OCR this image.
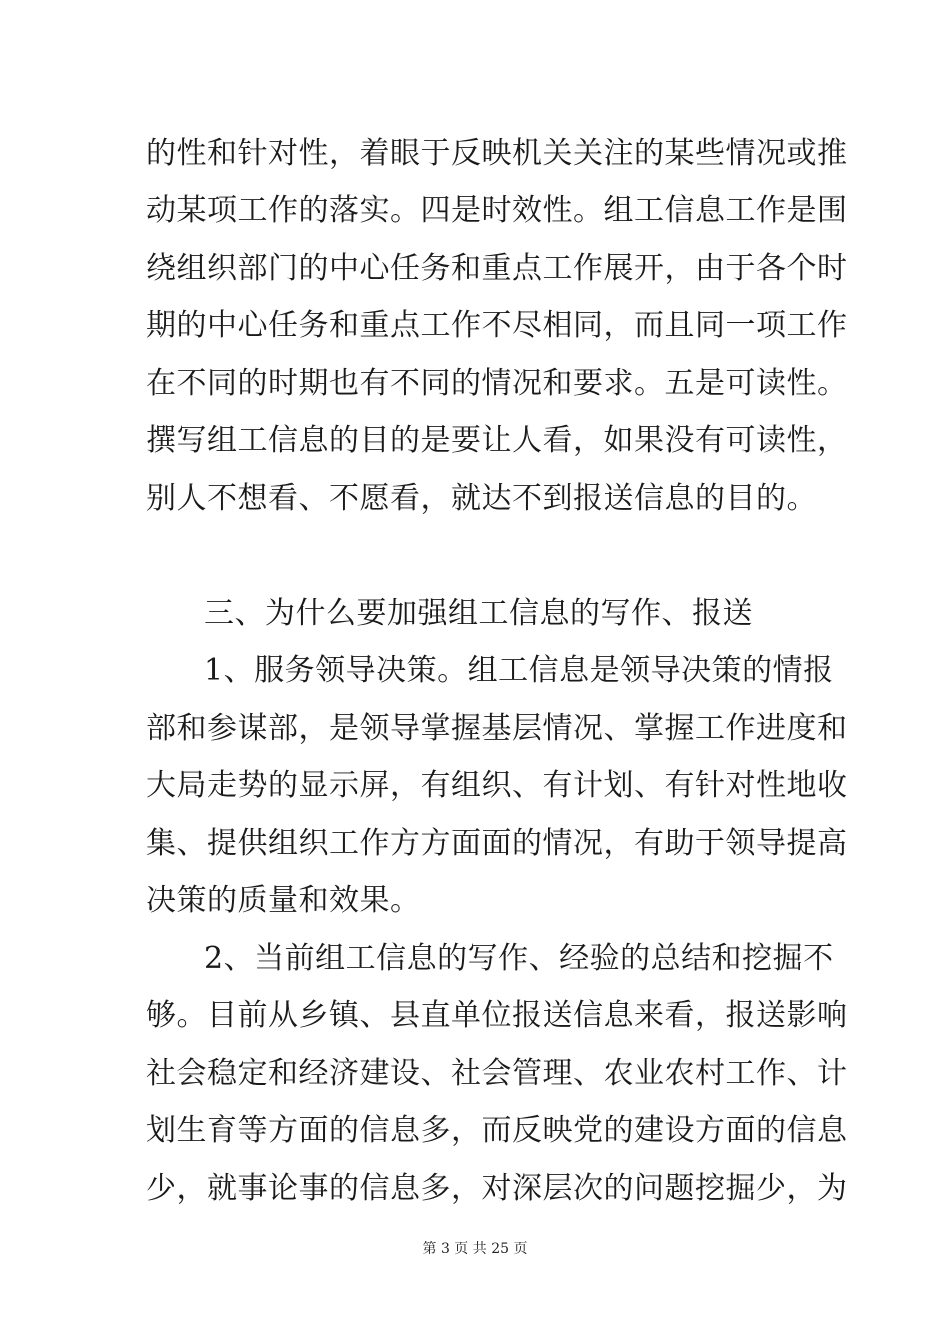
的性和针对性，着眼于反映机关关注的某些情况或推
动某项工作的落实。四是时效性。组工信息工作是围
绕组织部门的中心任务和重点工作展开，由于各个时
期的中心任务和重点工作不尽相同，而且同一项工作
在不同的时期也有不同的情况和要求。五是可读性。
撰写组工信息的目的是要让人看，如果没有可读性，
别人不想看、不愿看，就达不到报送信息的目的。
三、为什么要加强组工信息的写作、报送
1、服务领导决策。组工信息是领导决策的情报
部和参谋部，是领导掌握基层情况、掌握工作进度和
大局走势的显示屏，有组织、有计划、有针对性地收
集、提供组织工作方方面面的情况，有助于领导提高
决策的质量和效果。
2、当前组工信息的写作、经验的总结和挖掘不
够。目前从乡镇、县直单位报送信息来看，报送影响
社会稳定和经济建设、社会管理、农业农村工作、计
划生育等方面的信息多，而反映党的建设方面的信息
少，就事论事的信息多，对深层次的问题挖掘少，为
第 3 页 共 25 页
